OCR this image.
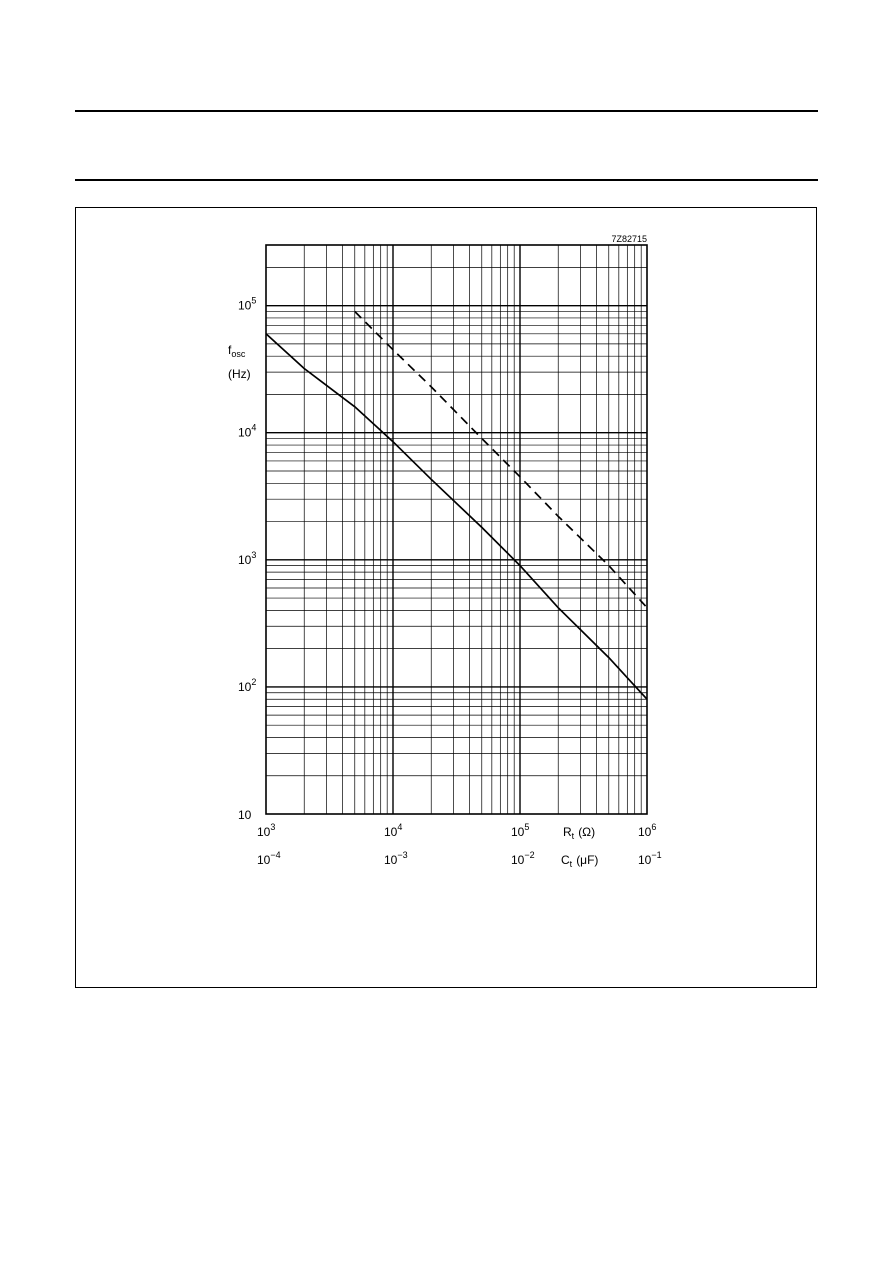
7Z82715
$f_{osc}$
(Hz)
$R_t$ (Ω)
$C_t$ (μF)
10
$10^2$
$10^3$
$10^4$
$10^5$
$10^3$	$10^4$	$10^5$	$10^6$
$10^{-4}$	$10^{-3}$	$10^{-2}$	$10^{-1}$
